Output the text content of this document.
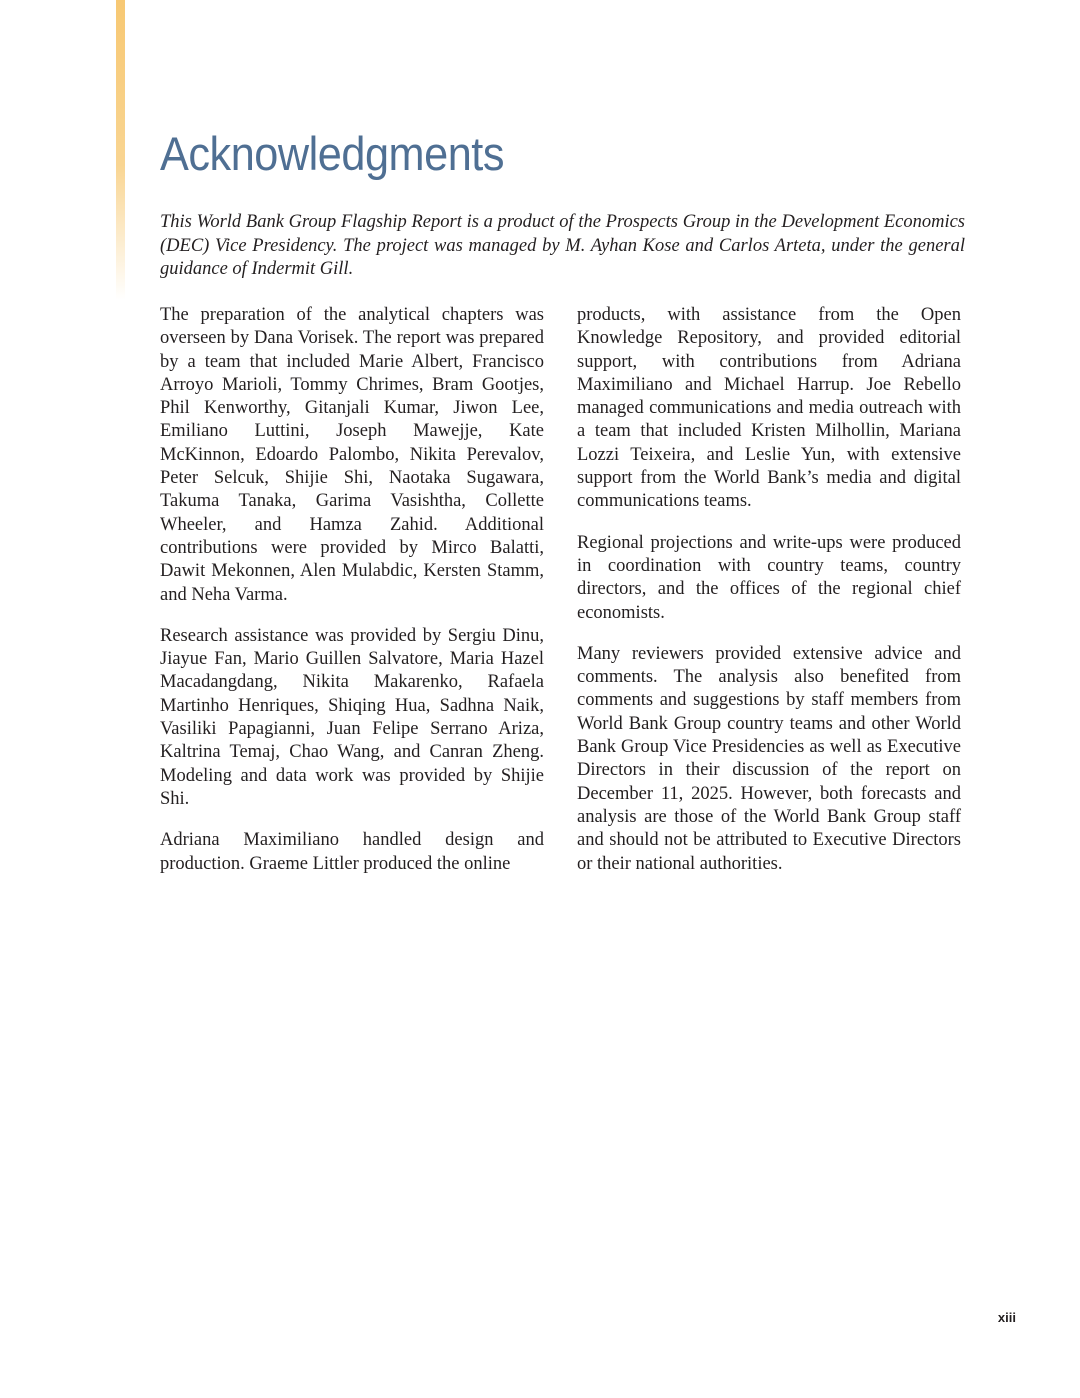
Acknowledgments

This World Bank Group Flagship Report is a product of the Prospects Group in the Development Economics (DEC) Vice Presidency. The project was managed by M. Ayhan Kose and Carlos Arteta, under the general guidance of Indermit Gill.

The preparation of the analytical chapters was overseen by Dana Vorisek. The report was prepared by a team that included Marie Albert, Francisco Arroyo Marioli, Tommy Chrimes, Bram Gootjes, Phil Kenworthy, Gitanjali Kumar, Jiwon Lee, Emiliano Luttini, Joseph Mawejje, Kate McKinnon, Edoardo Palombo, Nikita Perevalov, Peter Selcuk, Shijie Shi, Naotaka Sugawara, Takuma Tanaka, Garima Vasishtha, Collette Wheeler, and Hamza Zahid. Additional contributions were provided by Mirco Balatti, Dawit Mekonnen, Alen Mulabdic, Kersten Stamm, and Neha Varma.

Research assistance was provided by Sergiu Dinu, Jiayue Fan, Mario Guillen Salvatore, Maria Hazel Macadangdang, Nikita Makarenko, Rafaela Martinho Henriques, Shiqing Hua, Sadhna Naik, Vasiliki Papagianni, Juan Felipe Serrano Ariza, Kaltrina Temaj, Chao Wang, and Canran Zheng. Modeling and data work was provided by Shijie Shi.

Adriana Maximiliano handled design and production. Graeme Littler produced the online

products, with assistance from the Open Knowledge Repository, and provided editorial support, with contributions from Adriana Maximiliano and Michael Harrup. Joe Rebello managed communications and media outreach with a team that included Kristen Milhollin, Mariana Lozzi Teixeira, and Leslie Yun, with extensive support from the World Bank’s media and digital communications teams.

Regional projections and write-ups were produced in coordination with country teams, country directors, and the offices of the regional chief economists.

Many reviewers provided extensive advice and comments. The analysis also benefited from comments and suggestions by staff members from World Bank Group country teams and other World Bank Group Vice Presidencies as well as Executive Directors in their discussion of the report on December 11, 2025. However, both forecasts and analysis are those of the World Bank Group staff and should not be attributed to Executive Directors or their national authorities.

xiii
